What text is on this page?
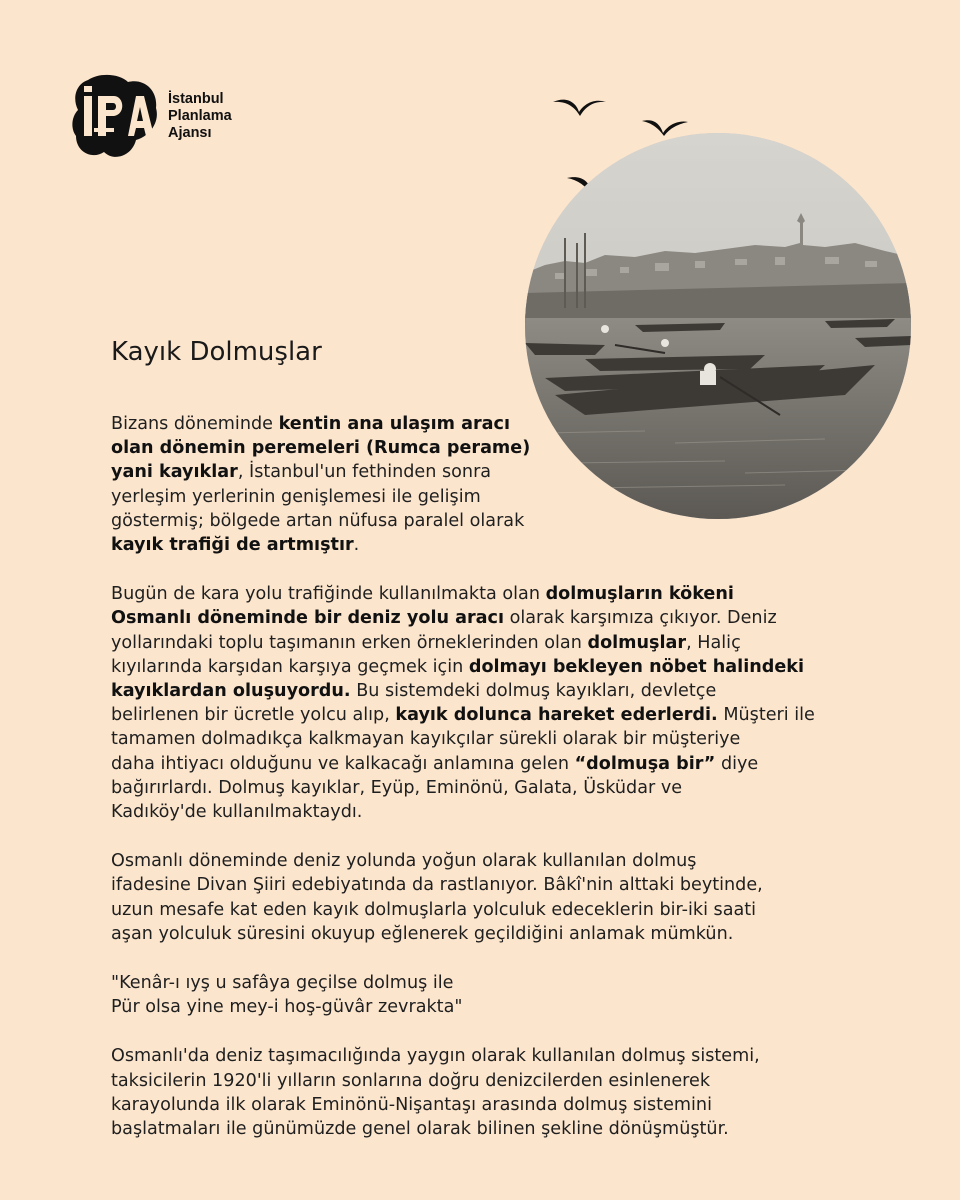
İstanbul
Planlama
Ajansı
Kayık Dolmuşlar

Bizans döneminde kentin ana ulaşım aracı
olan dönemin peremeleri (Rumca perame)
yani kayıklar, İstanbul'un fethinden sonra
yerleşim yerlerinin genişlemesi ile gelişim
göstermiş; bölgede artan nüfusa paralel olarak
kayık trafiği de artmıştır.

Bugün de kara yolu trafiğinde kullanılmakta olan dolmuşların kökeni
Osmanlı döneminde bir deniz yolu aracı olarak karşımıza çıkıyor. Deniz
yollarındaki toplu taşımanın erken örneklerinden olan dolmuşlar, Haliç
kıyılarında karşıdan karşıya geçmek için dolmayı bekleyen nöbet halindeki
kayıklardan oluşuyordu. Bu sistemdeki dolmuş kayıkları, devletçe
belirlenen bir ücretle yolcu alıp, kayık dolunca hareket ederlerdi. Müşteri ile
tamamen dolmadıkça kalkmayan kayıkçılar sürekli olarak bir müşteriye
daha ihtiyacı olduğunu ve kalkacağı anlamına gelen “dolmuşa bir” diye
bağırırlardı. Dolmuş kayıklar, Eyüp, Eminönü, Galata, Üsküdar ve
Kadıköy'de kullanılmaktaydı.

Osmanlı döneminde deniz yolunda yoğun olarak kullanılan dolmuş
ifadesine Divan Şiiri edebiyatında da rastlanıyor. Bâkî'nin alttaki beytinde,
uzun mesafe kat eden kayık dolmuşlarla yolculuk edeceklerin bir-iki saati
aşan yolculuk süresini okuyup eğlenerek geçildiğini anlamak mümkün.

"Kenâr-ı ıyş u safâya geçilse dolmuş ile
Pür olsa yine mey-i hoş-güvâr zevrakta"

Osmanlı'da deniz taşımacılığında yaygın olarak kullanılan dolmuş sistemi,
taksicilerin 1920'li yılların sonlarına doğru denizcilerden esinlenerek
karayolunda ilk olarak Eminönü-Nişantaşı arasında dolmuş sistemini
başlatmaları ile günümüzde genel olarak bilinen şekline dönüşmüştür.
